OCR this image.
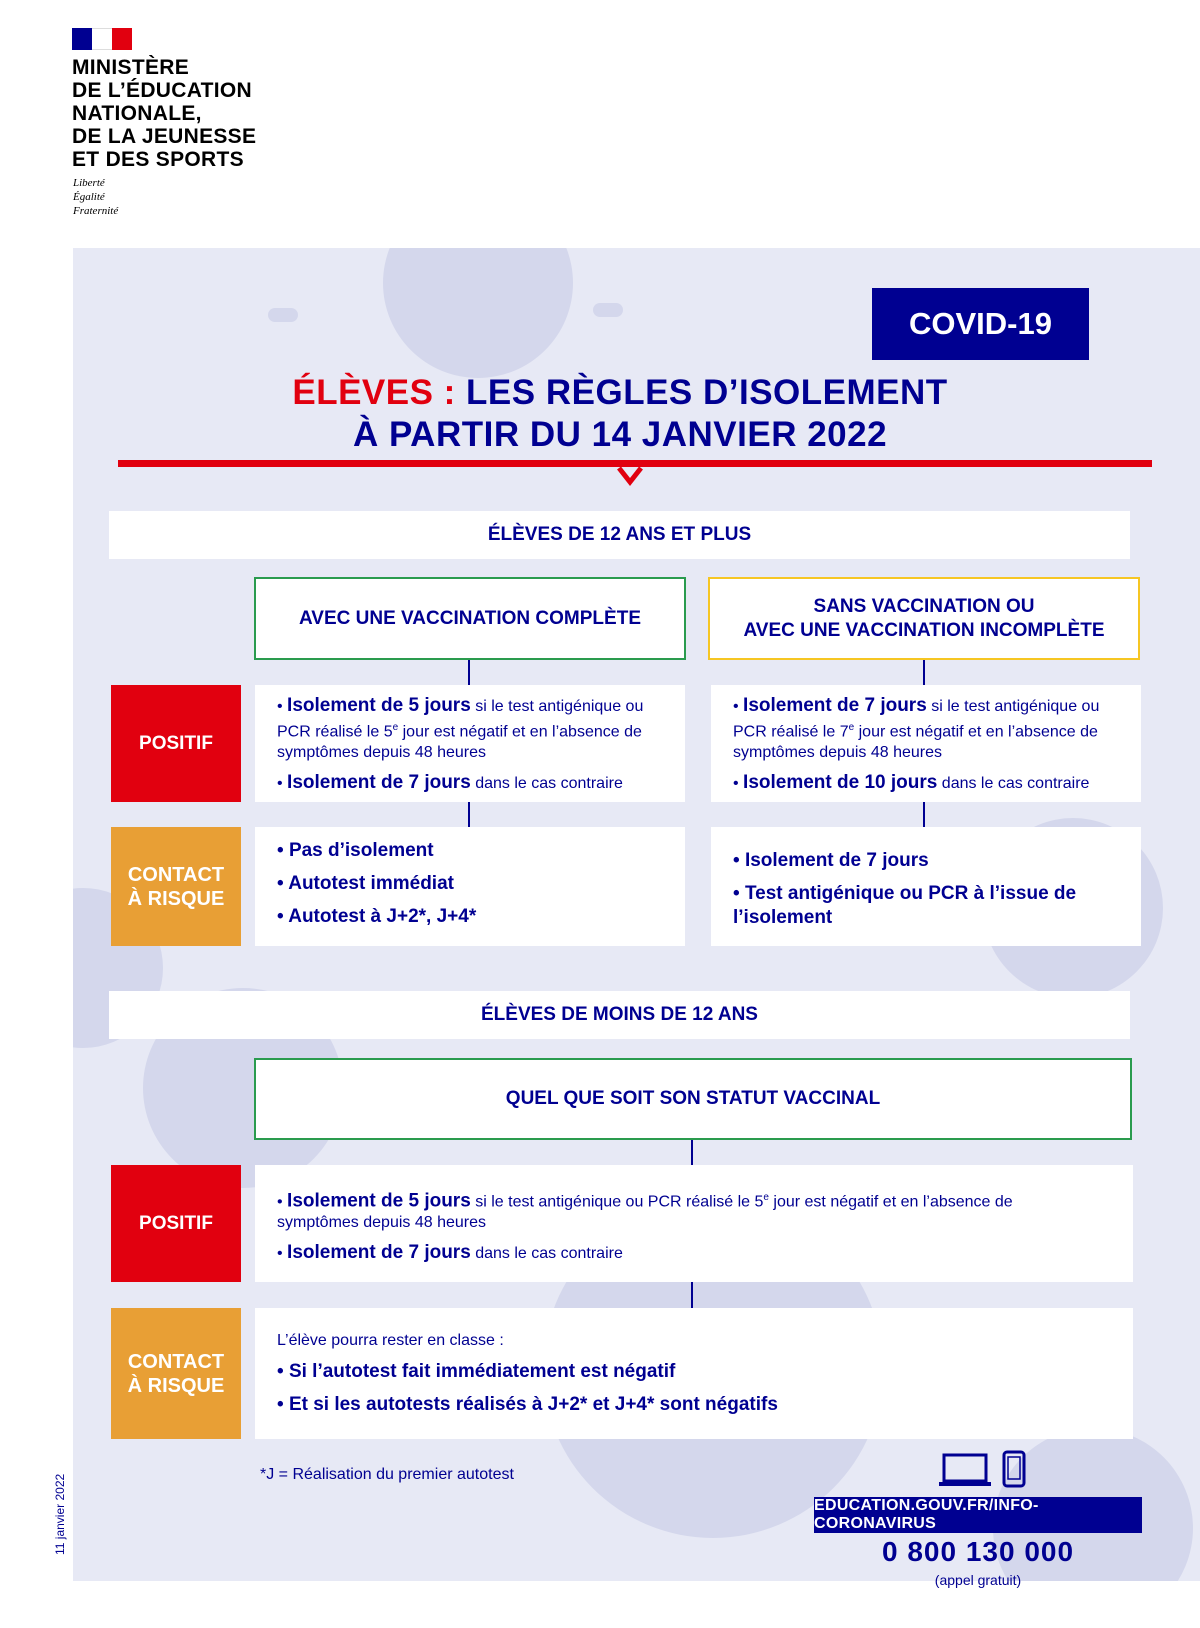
MINISTÈRE
DE L’ÉDUCATION
NATIONALE,
DE LA JEUNESSE
ET DES SPORTS
Liberté
Égalité
Fraternité
COVID-19
ÉLÈVES : LES RÈGLES D’ISOLEMENT
À PARTIR DU 14 JANVIER 2022
ÉLÈVES DE 12 ANS ET PLUS
AVEC UNE VACCINATION COMPLÈTE
SANS VACCINATION OU
AVEC UNE VACCINATION INCOMPLÈTE
POSITIF
CONTACT
À RISQUE
• Isolement de 5 jours si le test antigénique ou PCR réalisé le 5e jour est négatif et en l’absence de symptômes depuis 48 heures
• Isolement de 7 jours dans le cas contraire
• Isolement de 7 jours si le test antigénique ou PCR réalisé le 7e jour est négatif et en l’absence de symptômes depuis 48 heures
• Isolement de 10 jours dans le cas contraire
• Pas d’isolement
• Autotest immédiat
• Autotest à J+2*, J+4*
• Isolement de 7 jours
• Test antigénique ou PCR à l’issue de l’isolement
ÉLÈVES DE MOINS DE 12 ANS
QUEL QUE SOIT SON STATUT VACCINAL
POSITIF
CONTACT
À RISQUE
• Isolement de 5 jours si le test antigénique ou PCR réalisé le 5e jour est négatif et en l’absence de symptômes depuis 48 heures
• Isolement de 7 jours dans le cas contraire
L’élève pourra rester en classe :
• Si l’autotest fait immédiatement est négatif
• Et si les autotests réalisés à J+2* et J+4* sont négatifs
*J = Réalisation du premier autotest
EDUCATION.GOUV.FR/INFO-CORONAVIRUS
0 800 130 000
(appel gratuit)
11 janvier 2022
